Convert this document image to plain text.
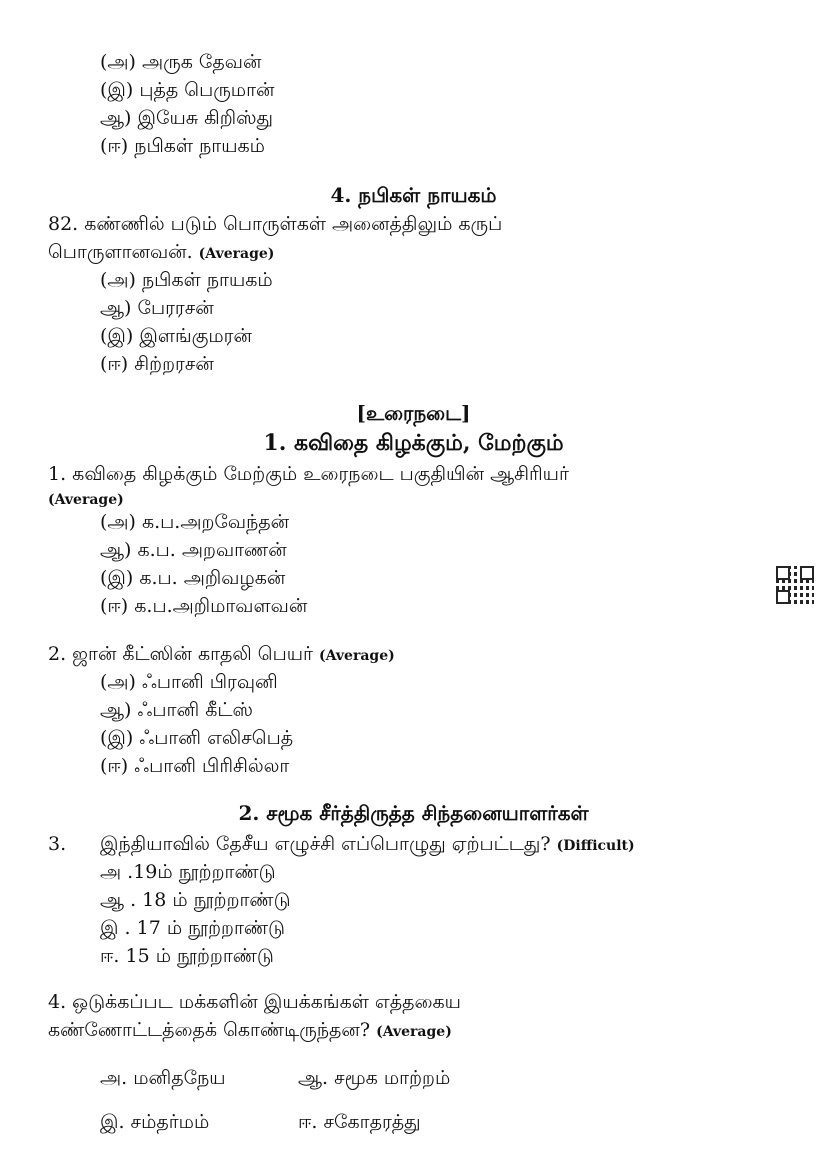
(அ) அருக தேவன்
(இ) புத்த பெருமான்
ஆ) இயேசு கிறிஸ்து
(ஈ) நபிகள் நாயகம்
4. நபிகள் நாயகம்
82. கண்ணில் படும் பொருள்கள் அனைத்திலும் கருப்
பொருளானவன். (Average)
(அ) நபிகள் நாயகம்
ஆ) பேரரசன்
(இ) இளங்குமரன்
(ஈ) சிற்றரசன்
[உரைநடை]
1. கவிதை கிழக்கும், மேற்கும்
1. கவிதை கிழக்கும் மேற்கும் உரைநடை பகுதியின் ஆசிரியர்
(Average)
(அ) க.ப.அறவேந்தன்
ஆ) க.ப. அறவாணன்
(இ) க.ப. அறிவழகன்
(ஈ) க.ப.அறிமாவளவன்
2. ஜான் கீட்ஸின் காதலி பெயர் (Average)
(அ) ஃபானி பிரவுனி
ஆ) ஃபானி கீட்ஸ்
(இ) ஃபானி எலிசபெத்
(ஈ) ஃபானி பிரிசில்லா
2. சமூக சீர்த்திருத்த சிந்தனையாளர்கள்
3. இந்தியாவில் தேசீய எழுச்சி எப்பொழுது ஏற்பட்டது? (Difficult)
அ .19ம் நூற்றாண்டு
ஆ . 18 ம் நூற்றாண்டு
இ . 17 ம் நூற்றாண்டு
ஈ. 15 ம் நூற்றாண்டு
4. ஒடுக்கப்பட மக்களின் இயக்கங்கள் எத்தகைய
கண்ணோட்டத்தைக் கொண்டிருந்தன? (Average)
அ. மனிதநேய	ஆ. சமூக மாற்றம்
இ. சம்தர்மம்	ஈ. சகோதரத்து
